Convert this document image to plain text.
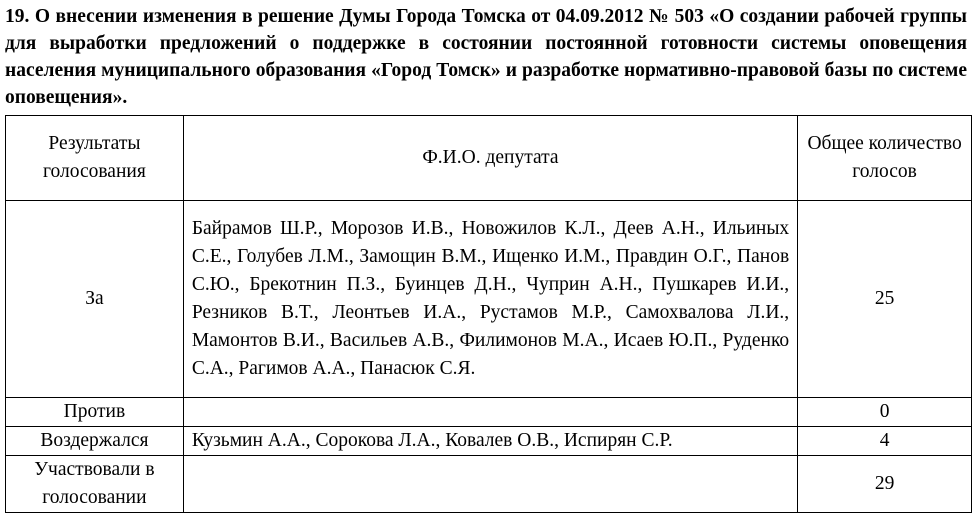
19. О внесении изменения в решение Думы Города Томска от 04.09.2012 № 503 «О создании рабочей группы для выработки предложений о поддержке в состоянии постоянной готовности системы оповещения населения муниципального образования «Город Томск» и разработке нормативно-правовой базы по системе оповещения».
Результаты голосования	Ф.И.О. депутата	Общее количество голосов
За	Байрамов Ш.Р., Морозов И.В., Новожилов К.Л., Деев А.Н., Ильиных С.Е., Голубев Л.М., Замощин В.М., Ищенко И.М., Правдин О.Г., Панов С.Ю., Брекотнин П.З., Буинцев Д.Н., Чуприн А.Н., Пушкарев И.И., Резников В.Т., Леонтьев И.А., Рустамов М.Р., Самохвалова Л.И., Мамонтов В.И., Васильев А.В., Филимонов М.А., Исаев Ю.П., Руденко С.А., Рагимов А.А., Панасюк С.Я.	25
Против		0
Воздержался	Кузьмин А.А., Сорокова Л.А., Ковалев О.В., Испирян С.Р.	4
Участвовали в голосовании		29
